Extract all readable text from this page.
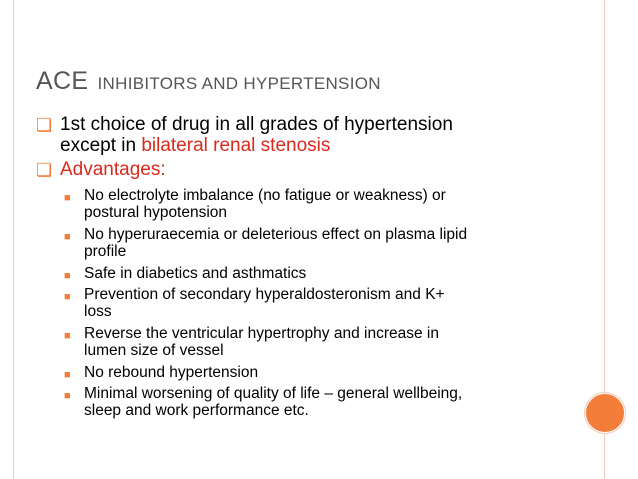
ACE INHIBITORS AND HYPERTENSION
❏ 1st choice of drug in all grades of hypertension
except in bilateral renal stenosis
❏ Advantages:
■ No electrolyte imbalance (no fatigue or weakness) or
postural hypotension
■ No hyperuraecemia or deleterious effect on plasma lipid
profile
■ Safe in diabetics and asthmatics
■ Prevention of secondary hyperaldosteronism and K+
loss
■ Reverse the ventricular hypertrophy and increase in
lumen size of vessel
■ No rebound hypertension
■ Minimal worsening of quality of life – general wellbeing,
sleep and work performance etc.
